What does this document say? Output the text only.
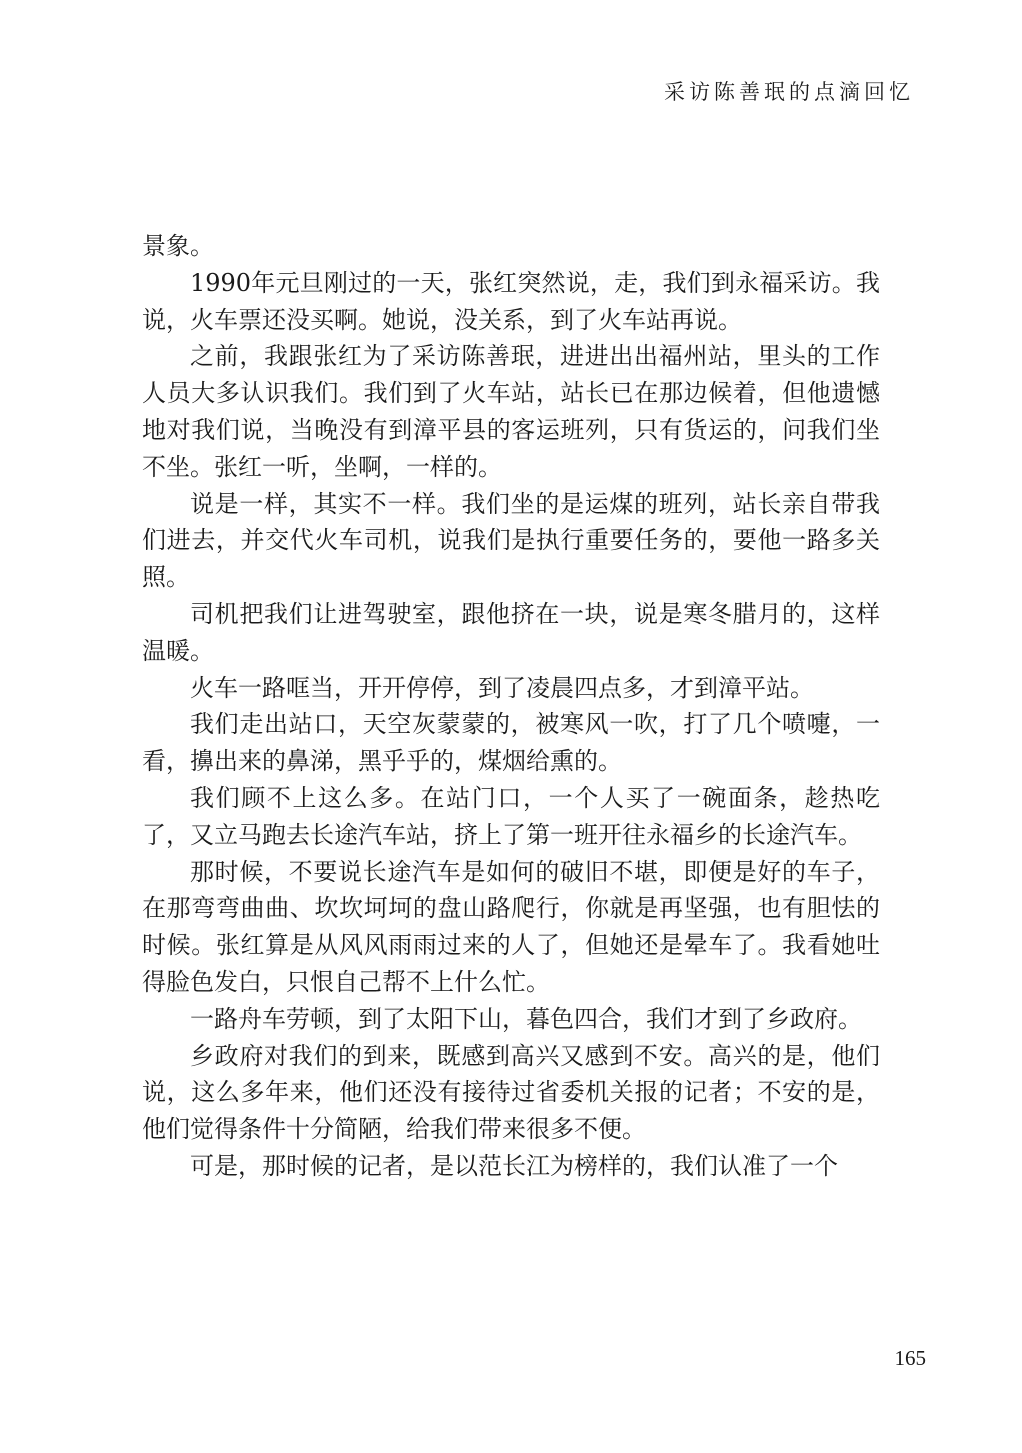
采访陈善珉的点滴回忆

景象。

1990年元旦刚过的一天，张红突然说，走，我们到永福采访。我说，火车票还没买啊。她说，没关系，到了火车站再说。

之前，我跟张红为了采访陈善珉，进进出出福州站，里头的工作人员大多认识我们。我们到了火车站，站长已在那边候着，但他遗憾地对我们说，当晚没有到漳平县的客运班列，只有货运的，问我们坐不坐。张红一听，坐啊，一样的。

说是一样，其实不一样。我们坐的是运煤的班列，站长亲自带我们进去，并交代火车司机，说我们是执行重要任务的，要他一路多关照。

司机把我们让进驾驶室，跟他挤在一块，说是寒冬腊月的，这样温暖。

火车一路哐当，开开停停，到了凌晨四点多，才到漳平站。

我们走出站口，天空灰蒙蒙的，被寒风一吹，打了几个喷嚏，一看，擤出来的鼻涕，黑乎乎的，煤烟给熏的。

我们顾不上这么多。在站门口，一个人买了一碗面条，趁热吃了，又立马跑去长途汽车站，挤上了第一班开往永福乡的长途汽车。

那时候，不要说长途汽车是如何的破旧不堪，即便是好的车子，在那弯弯曲曲、坎坎坷坷的盘山路爬行，你就是再坚强，也有胆怯的时候。张红算是从风风雨雨过来的人了，但她还是晕车了。我看她吐得脸色发白，只恨自己帮不上什么忙。

一路舟车劳顿，到了太阳下山，暮色四合，我们才到了乡政府。

乡政府对我们的到来，既感到高兴又感到不安。高兴的是，他们说，这么多年来，他们还没有接待过省委机关报的记者；不安的是，他们觉得条件十分简陋，给我们带来很多不便。

可是，那时候的记者，是以范长江为榜样的，我们认准了一个

165
